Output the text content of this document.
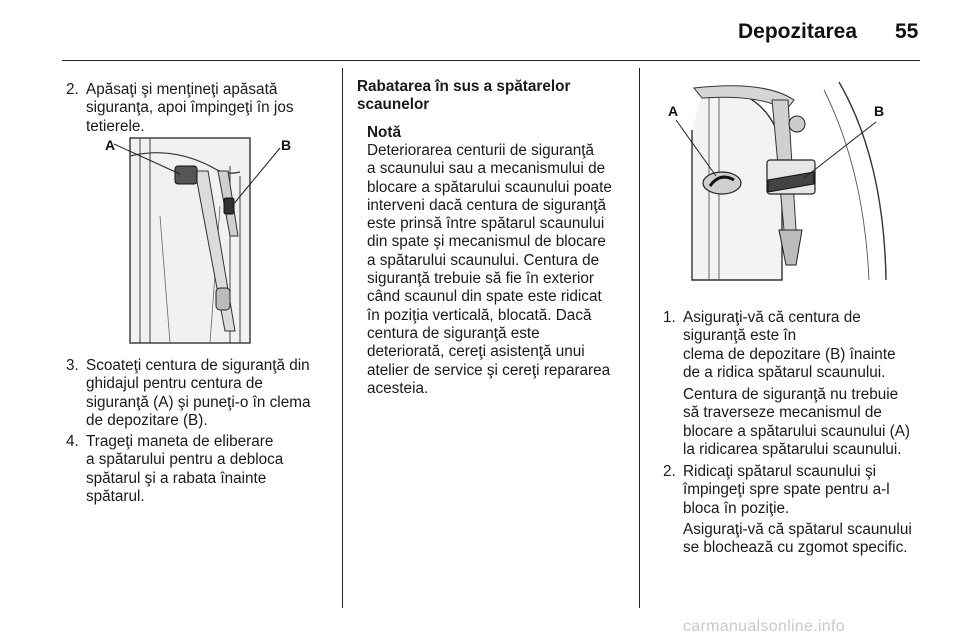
Depozitarea 55
2. Apăsaţi şi menţineţi apăsată
siguranţa, apoi împingeţi în jos
tetierele.
A	B
3. Scoateţi centura de siguranţă din
ghidajul pentru centura de
siguranţă (A) şi puneţi-o în clema
de depozitare (B).
4. Trageţi maneta de eliberare
a spătarului pentru a debloca
spătarul şi a rabata înainte
spătarul.
Rabatarea în sus a spătarelor
scaunelor
Notă
Deteriorarea centurii de siguranţă
a scaunului sau a mecanismului de
blocare a spătarului scaunului poate
interveni dacă centura de siguranţă
este prinsă între spătarul scaunului
din spate şi mecanismul de blocare
a spătarului scaunului. Centura de
siguranţă trebuie să fie în exterior
când scaunul din spate este ridicat
în poziţia verticală, blocată. Dacă
centura de siguranţă este
deteriorată, cereţi asistenţă unui
atelier de service şi cereţi repararea
acesteia.
A	B
1. Asiguraţi-vă că centura de
siguranţă este în
clema de depozitare (B) înainte
de a ridica spătarul scaunului.
Centura de siguranţă nu trebuie
să traverseze mecanismul de
blocare a spătarului scaunului (A)
la ridicarea spătarului scaunului.
2. Ridicaţi spătarul scaunului şi
împingeţi spre spate pentru a-l
bloca în poziţie.
Asiguraţi-vă că spătarul scaunului
se blochează cu zgomot specific.
carmanualsonline.info
